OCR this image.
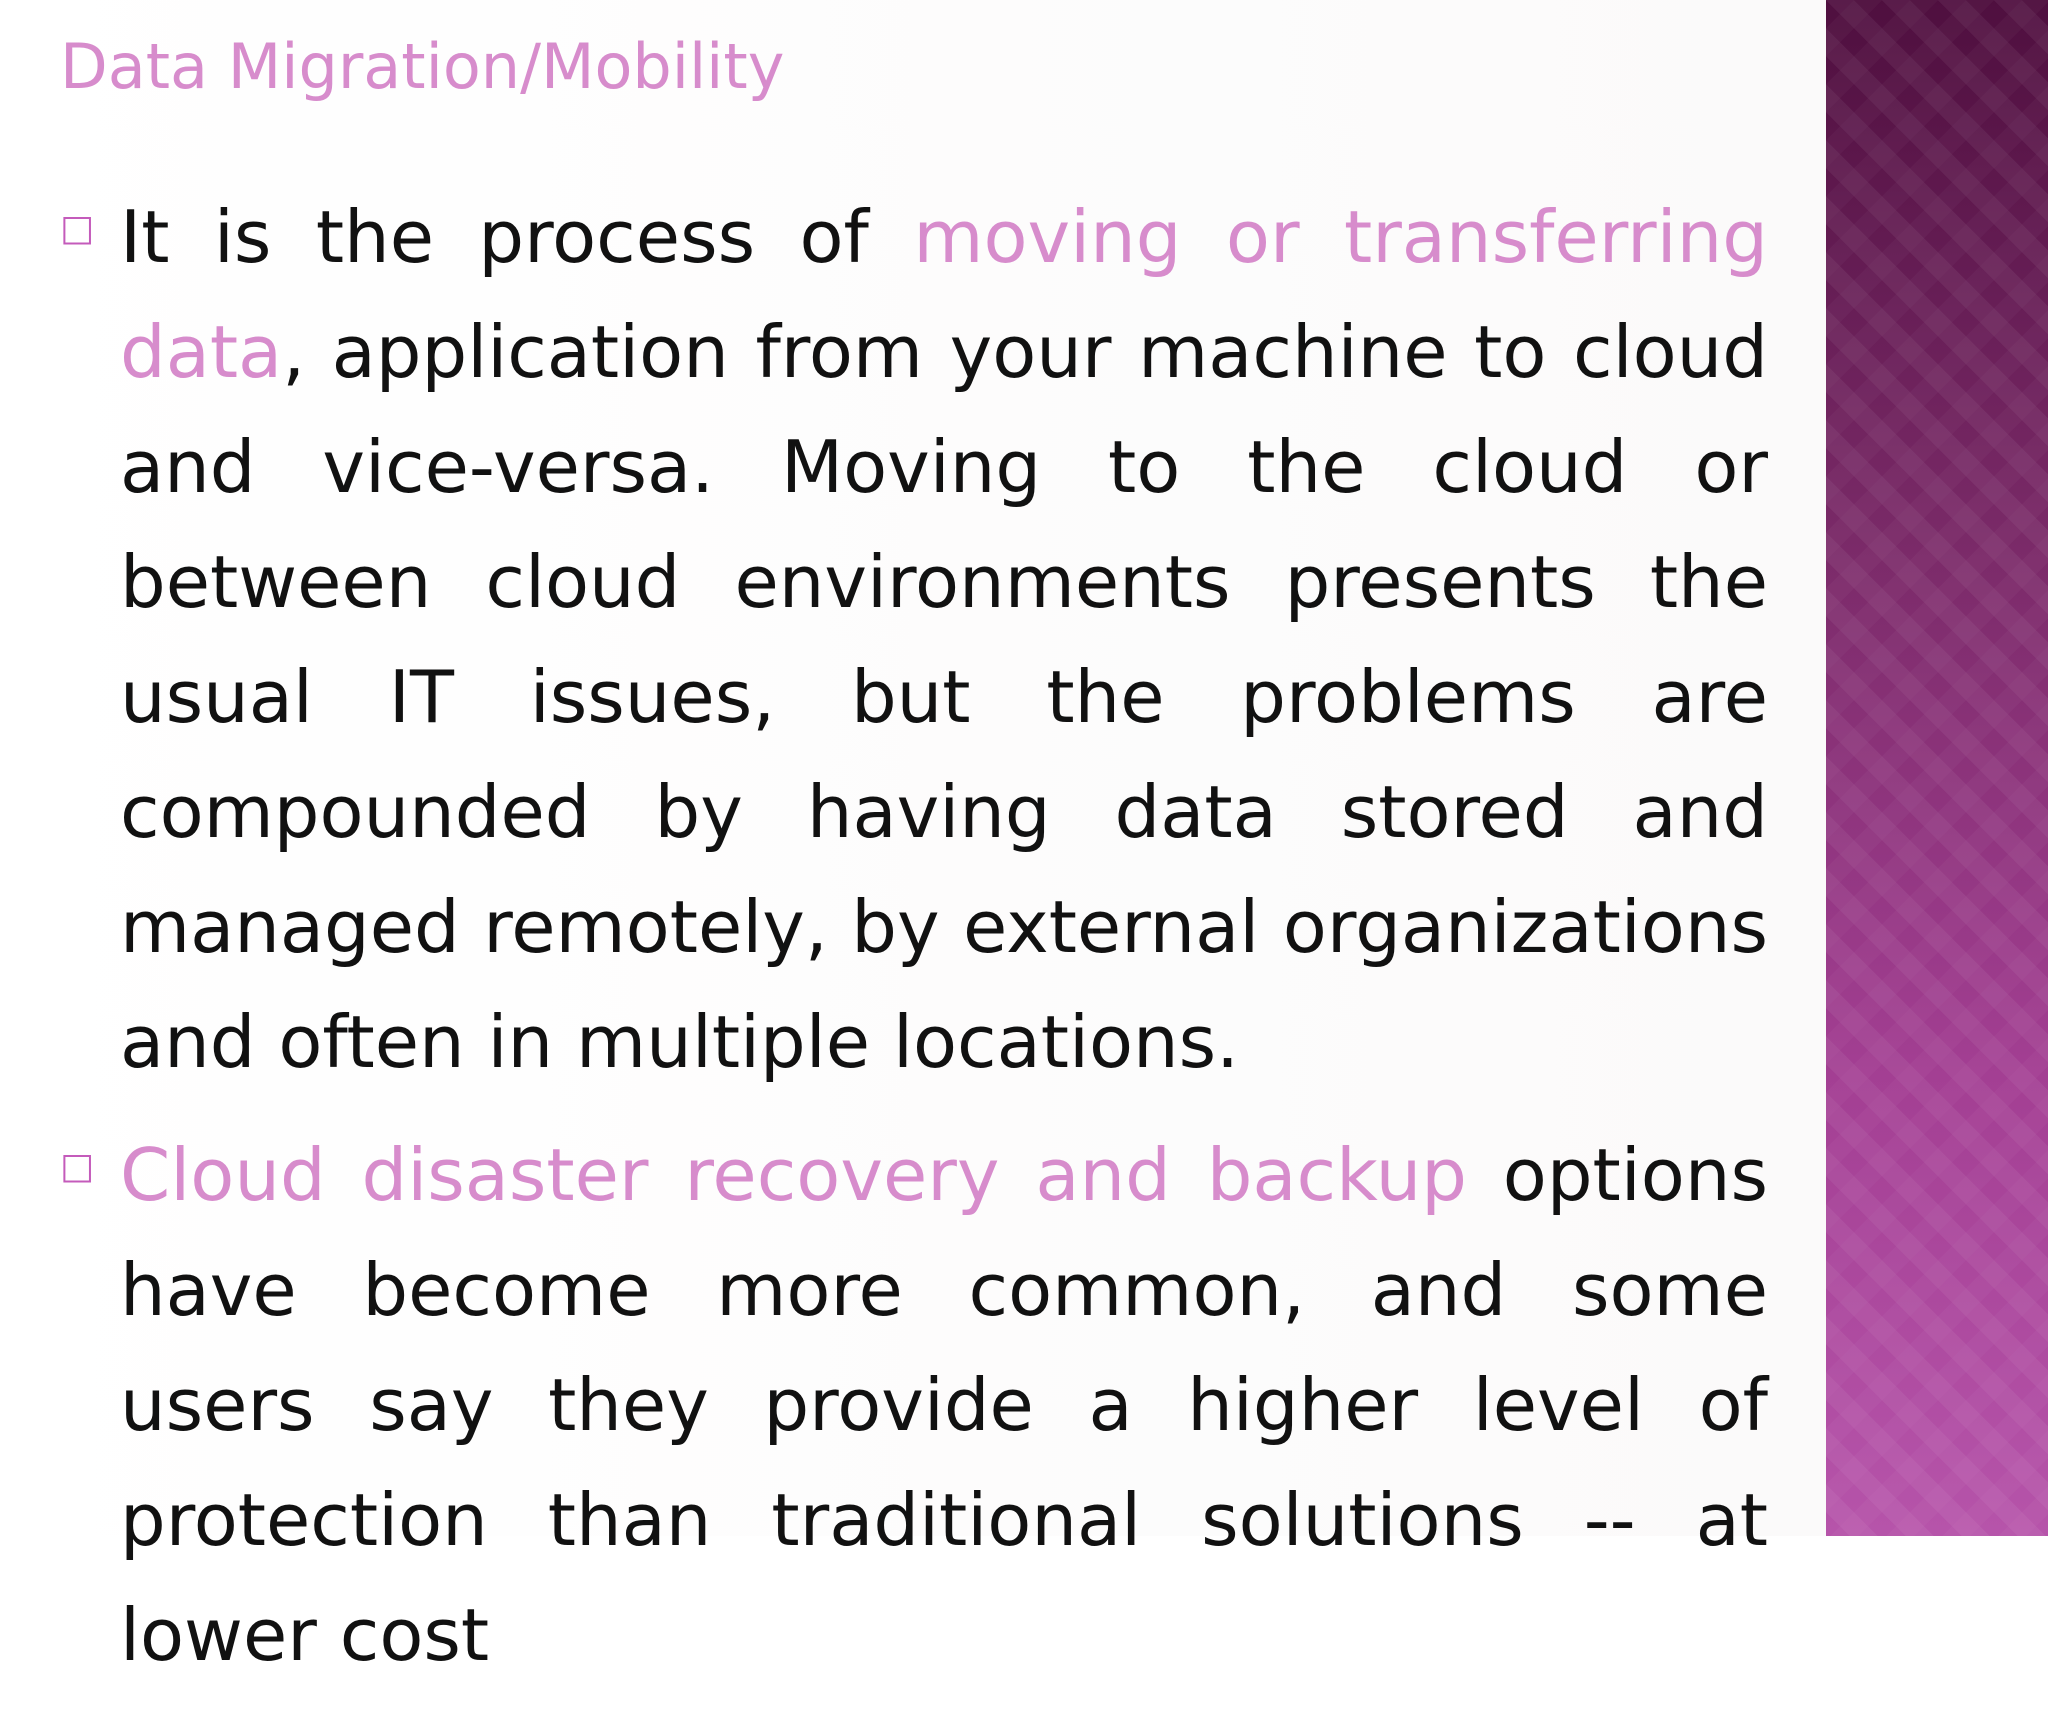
Data Migration/Mobility
□ It is the process of moving or transferring data, application from your machine to cloud and vice-versa. Moving to the cloud or between cloud environments presents the usual IT issues, but the problems are compounded by having data stored and managed remotely, by external organizations and often in multiple locations.
□ Cloud disaster recovery and backup options have become more common, and some users say they provide a higher level of protection than traditional solutions -- at lower cost
